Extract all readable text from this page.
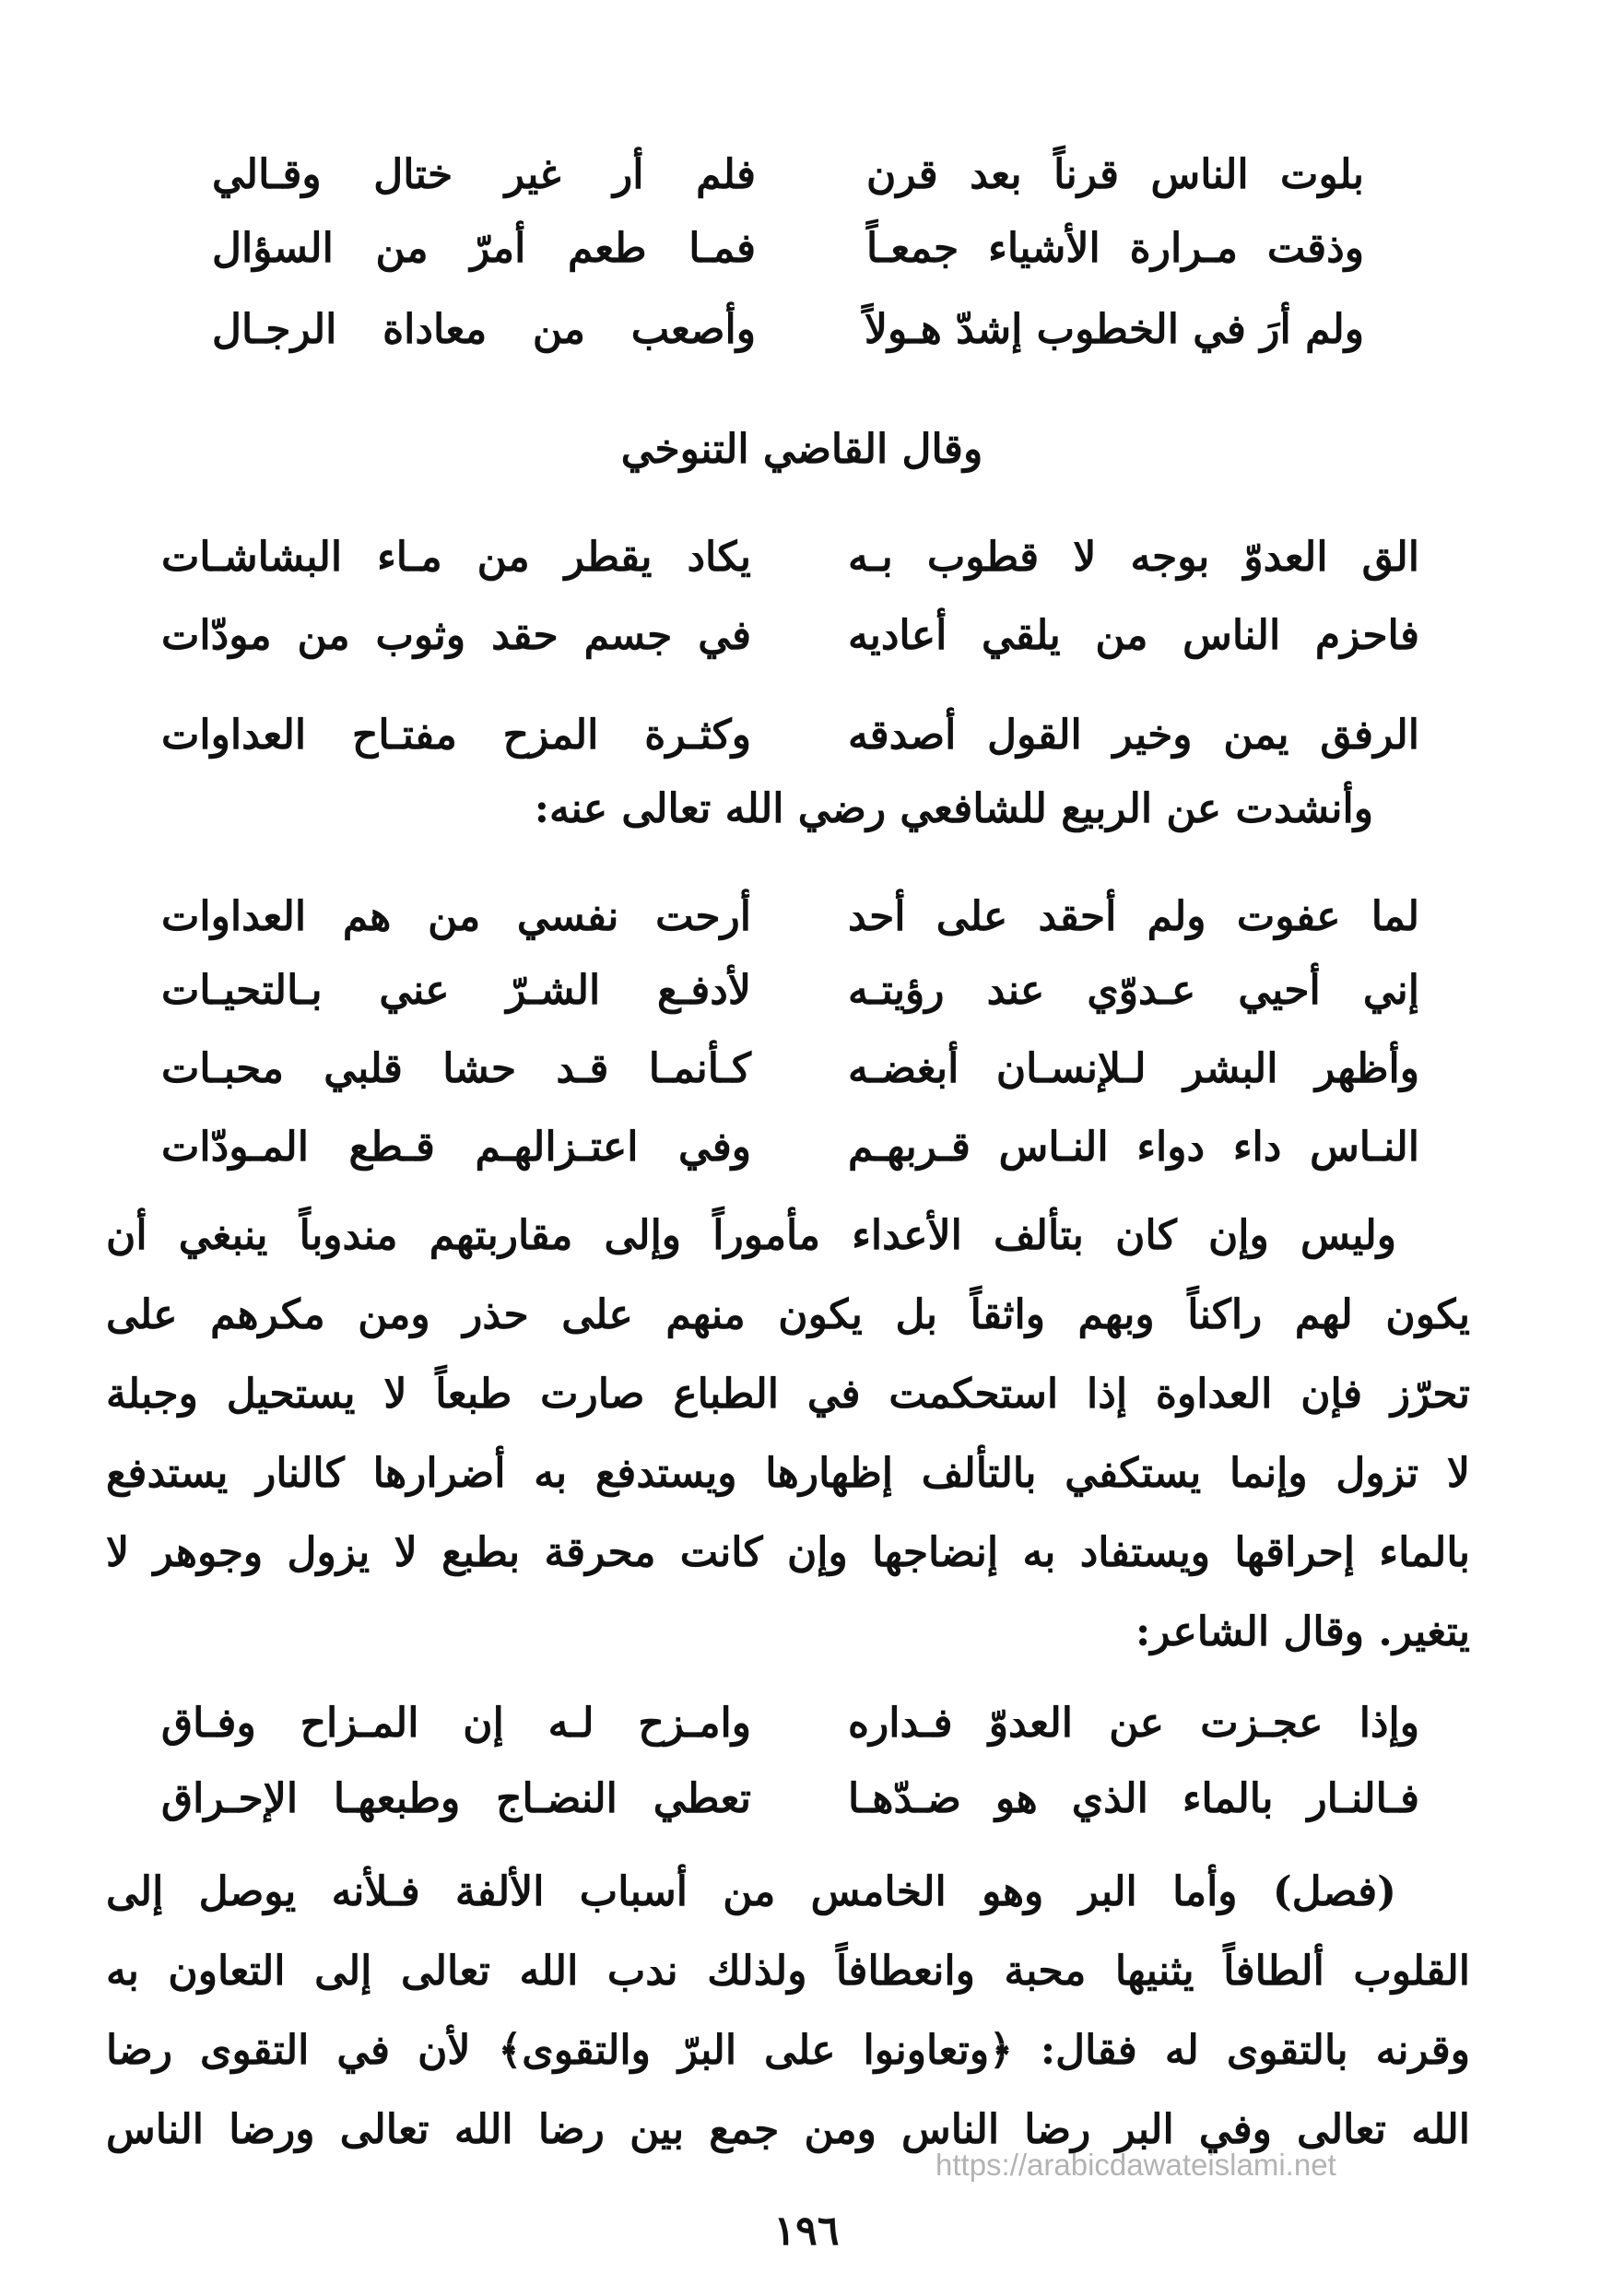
بلوت الناس قرناً بعد قرن
فلم أر غير ختال وقـالي
وذقت مـرارة الأشياء جمعـاً
فمـا طعم أمرّ من السؤال
ولم أرَ في الخطوب إشدّ هـولاً
وأصعب من معاداة الرجـال
وقال القاضي التنوخي
الق العدوّ بوجه لا قطوب بـه
يكاد يقطر من مـاء البشاشـات
فاحزم الناس من يلقي أعاديه
في جسم حقد وثوب من مودّات
الرفق يمن وخير القول أصدقه
وكثـرة المزح مفتـاح العداوات
وأنشدت عن الربيع للشافعي رضي الله تعالى عنه:
لما عفوت ولم أحقد على أحد
أرحت نفسي من هم العداوات
إني أحيي عـدوّي عند رؤيتـه
لأدفـع الشـرّ عني بـالتحيـات
وأظهر البشر لـلإنسـان أبغضـه
كـأنمـا قـد حشا قلبي محبـات
النـاس داء دواء النـاس قـربهـم
وفي اعتـزالهـم قـطع المـودّات
وليس وإن كان بتألف الأعداء مأموراً وإلى مقاربتهم مندوباً ينبغي أن
يكون لهم راكناً وبهم واثقاً بل يكون منهم على حذر ومن مكرهم على
تحرّز فإن العداوة إذا استحكمت في الطباع صارت طبعاً لا يستحيل وجبلة
لا تزول وإنما يستكفي بالتألف إظهارها ويستدفع به أضرارها كالنار يستدفع
بالماء إحراقها ويستفاد به إنضاجها وإن كانت محرقة بطبع لا يزول وجوهر لا
يتغير. وقال الشاعر:
وإذا عجـزت عن العدوّ فـداره
وامـزح لـه إن المـزاح وفـاق
فـالنـار بالماء الذي هو ضـدّهـا
تعطي النضـاج وطبعهـا الإحـراق
(فصل) وأما البر وهو الخامس من أسباب الألفة فـلأنه يوصل إلى
القلوب ألطافاً يثنيها محبة وانعطافاً ولذلك ندب الله تعالى إلى التعاون به
وقرنه بالتقوى له فقال: ﴿وتعاونوا على البرّ والتقوى﴾ لأن في التقوى رضا
الله تعالى وفي البر رضا الناس ومن جمع بين رضا الله تعالى ورضا الناس
https://arabicdawateislami.net
١٩٦
